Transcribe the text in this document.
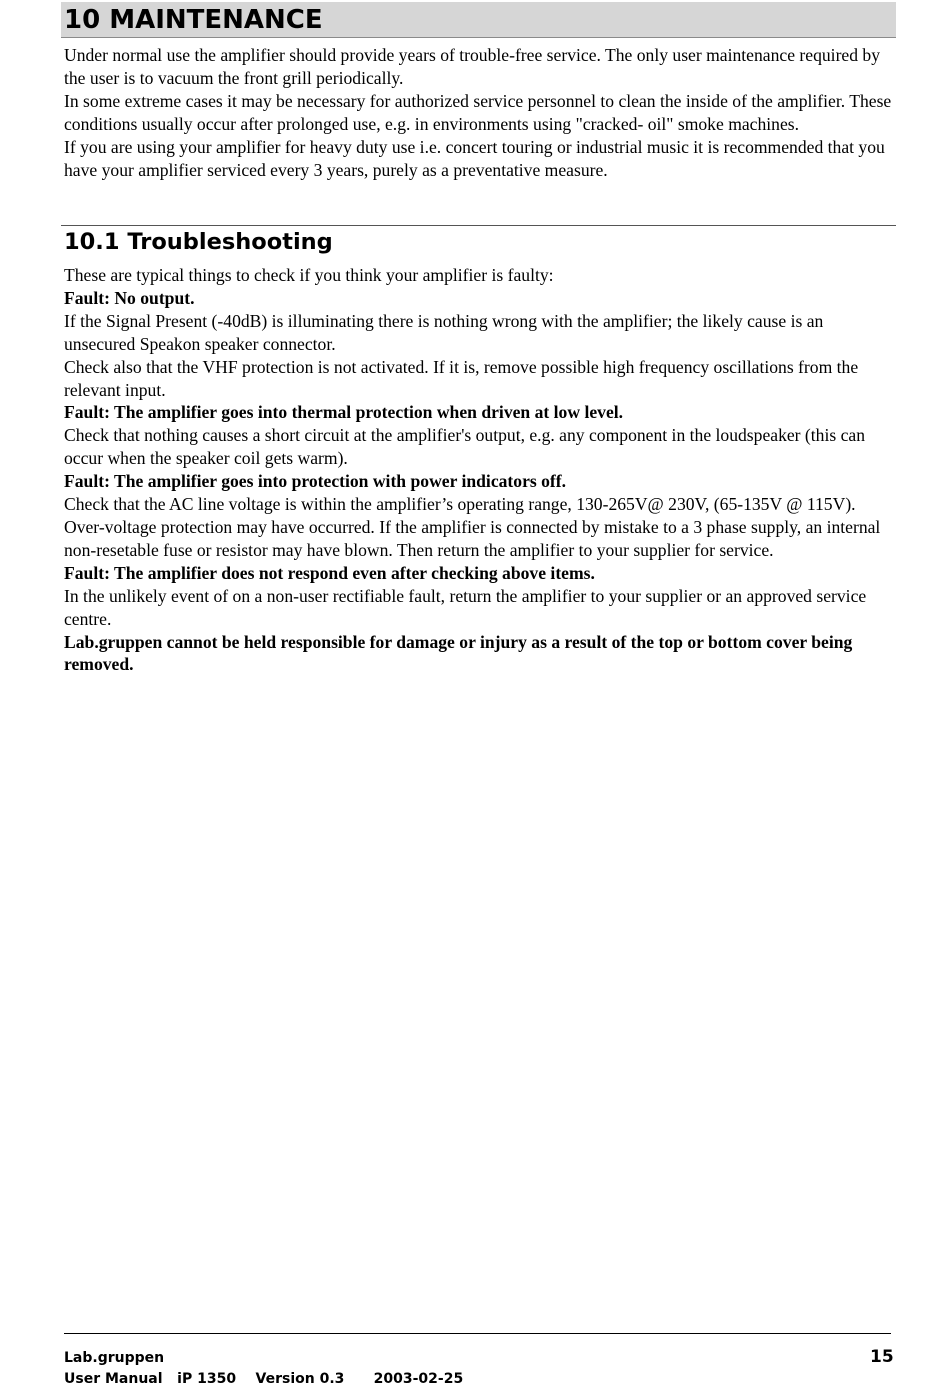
10 MAINTENANCE

Under normal use the amplifier should provide years of trouble-free service. The only user maintenance required by the user is to vacuum the front grill periodically.

In some extreme cases it may be necessary for authorized service personnel to clean the inside of the amplifier. These conditions usually occur after prolonged use, e.g. in environments using "cracked- oil" smoke machines.

If you are using your amplifier for heavy duty use i.e. concert touring or industrial music it is recommended that you have your amplifier serviced every 3 years, purely as a preventative measure.

10.1 Troubleshooting

These are typical things to check if you think your amplifier is faulty:

Fault: No output.

If the Signal Present (-40dB) is illuminating there is nothing wrong with the amplifier; the likely cause is an unsecured Speakon speaker connector.

Check also that the VHF protection is not activated. If it is, remove possible high frequency oscillations from the relevant input.

Fault: The amplifier goes into thermal protection when driven at low level.

Check that nothing causes a short circuit at the amplifier's output, e.g. any component in the loudspeaker (this can occur when the speaker coil gets warm).

Fault: The amplifier goes into protection with power indicators off.

Check that the AC line voltage is within the amplifier’s operating range, 130-265V@ 230V, (65-135V @ 115V). Over-voltage protection may have occurred. If the amplifier is connected by mistake to a 3 phase supply, an internal non-resetable fuse or resistor may have blown. Then return the amplifier to your supplier for service.

Fault: The amplifier does not respond even after checking above items.

In the unlikely event of on a non-user rectifiable fault, return the amplifier to your supplier or an approved service centre.

Lab.gruppen cannot be held responsible for damage or injury as a result of the top or bottom cover being removed.

Lab.gruppen	15
User Manual   iP 1350    Version 0.3      2003-02-25
